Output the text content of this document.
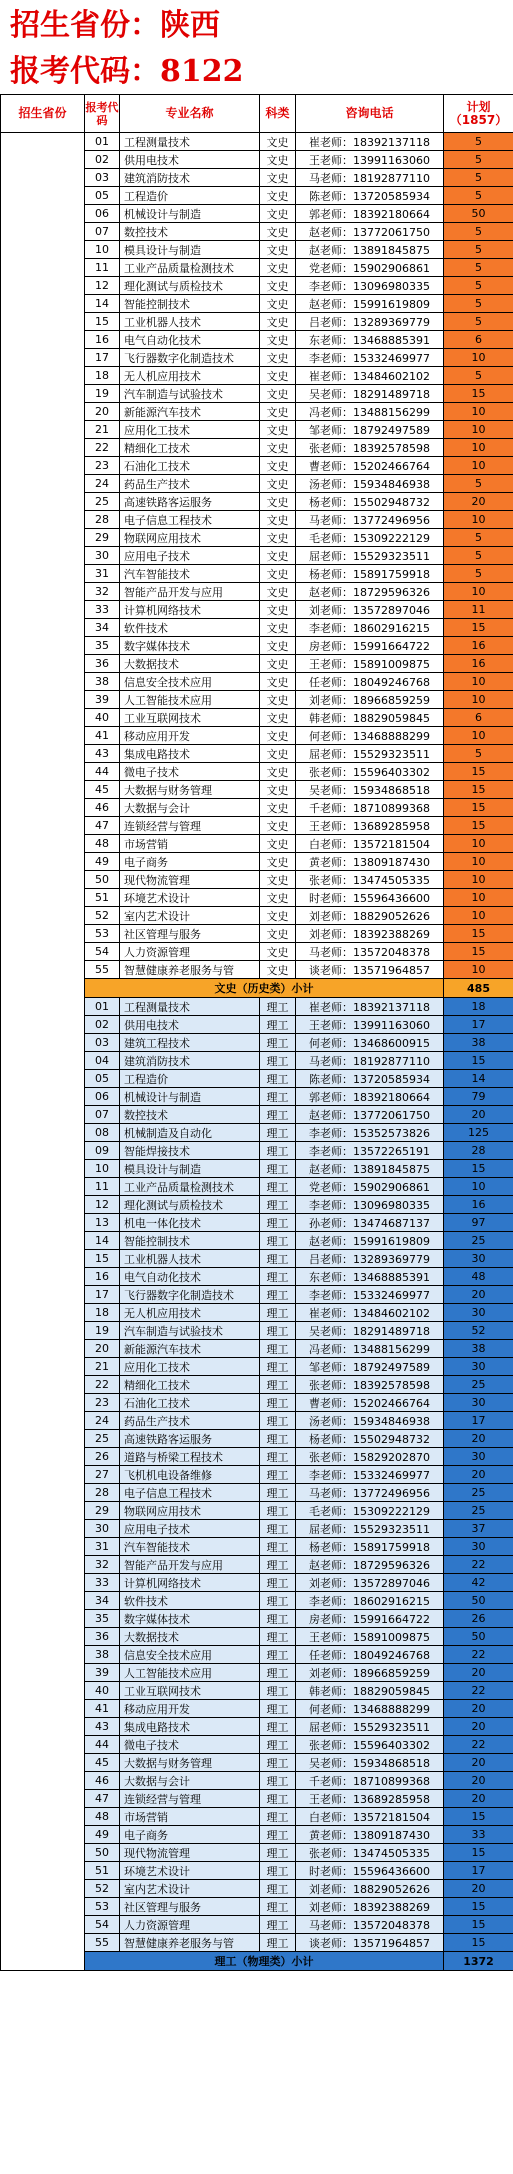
招生省份：陕西
报考代码：8122
招生省份	报考代码	专业名称	科类	咨询电话	计划
（1857）

陕西	01	工程测量技术	文史	崔老师：18392137118	5
	02	供用电技术	文史	王老师：13991163060	5
	03	建筑消防技术	文史	马老师：18192877110	5
	05	工程造价	文史	陈老师：13720585934	5
	06	机械设计与制造	文史	郭老师：18392180664	50
	07	数控技术	文史	赵老师：13772061750	5
	10	模具设计与制造	文史	赵老师：13891845875	5
	11	工业产品质量检测技术	文史	党老师：15902906861	5
	12	理化测试与质检技术	文史	李老师：13096980335	5
	14	智能控制技术	文史	赵老师：15991619809	5
	15	工业机器人技术	文史	吕老师：13289369779	5
	16	电气自动化技术	文史	东老师：13468885391	6
	17	飞行器数字化制造技术	文史	李老师：15332469977	10
	18	无人机应用技术	文史	崔老师：13484602102	5
	19	汽车制造与试验技术	文史	吴老师：18291489718	15
	20	新能源汽车技术	文史	冯老师：13488156299	10
	21	应用化工技术	文史	邹老师：18792497589	10
	22	精细化工技术	文史	张老师：18392578598	10
	23	石油化工技术	文史	曹老师：15202466764	10
	24	药品生产技术	文史	汤老师：15934846938	5
	25	高速铁路客运服务	文史	杨老师：15502948732	20
	28	电子信息工程技术	文史	马老师：13772496956	10
	29	物联网应用技术	文史	毛老师：15309222129	5
	30	应用电子技术	文史	屈老师：15529323511	5
	31	汽车智能技术	文史	杨老师：15891759918	5
	32	智能产品开发与应用	文史	赵老师：18729596326	10
	33	计算机网络技术	文史	刘老师：13572897046	11
	34	软件技术	文史	李老师：18602916215	15
	35	数字媒体技术	文史	房老师：15991664722	16
	36	大数据技术	文史	王老师：15891009875	16
	38	信息安全技术应用	文史	任老师：18049246768	10
	39	人工智能技术应用	文史	刘老师：18966859259	10
	40	工业互联网技术	文史	韩老师：18829059845	6
	41	移动应用开发	文史	何老师：13468888299	10
	43	集成电路技术	文史	屈老师：15529323511	5
	44	微电子技术	文史	张老师：15596403302	15
	45	大数据与财务管理	文史	吴老师：15934868518	15
	46	大数据与会计	文史	千老师：18710899368	15
	47	连锁经营与管理	文史	王老师：13689285958	15
	48	市场营销	文史	白老师：13572181504	10
	49	电子商务	文史	黄老师：13809187430	10
	50	现代物流管理	文史	张老师：13474505335	10
	51	环境艺术设计	文史	时老师：15596436600	10
	52	室内艺术设计	文史	刘老师：18829052626	10
	53	社区管理与服务	文史	刘老师：18392388269	15
	54	人力资源管理	文史	马老师：13572048378	15
	55	智慧健康养老服务与管	文史	谈老师：13571964857	10
	文史（历史类）小计				485
	01	工程测量技术	理工	崔老师：18392137118	18
	02	供用电技术	理工	王老师：13991163060	17
	03	建筑工程技术	理工	何老师：13468600915	38
	04	建筑消防技术	理工	马老师：18192877110	15
	05	工程造价	理工	陈老师：13720585934	14
	06	机械设计与制造	理工	郭老师：18392180664	79
	07	数控技术	理工	赵老师：13772061750	20
	08	机械制造及自动化	理工	李老师：15352573826	125
	09	智能焊接技术	理工	李老师：13572265191	28
	10	模具设计与制造	理工	赵老师：13891845875	15
	11	工业产品质量检测技术	理工	党老师：15902906861	10
	12	理化测试与质检技术	理工	李老师：13096980335	16
	13	机电一体化技术	理工	孙老师：13474687137	97
	14	智能控制技术	理工	赵老师：15991619809	25
	15	工业机器人技术	理工	吕老师：13289369779	30
	16	电气自动化技术	理工	东老师：13468885391	48
	17	飞行器数字化制造技术	理工	李老师：15332469977	20
	18	无人机应用技术	理工	崔老师：13484602102	30
	19	汽车制造与试验技术	理工	吴老师：18291489718	52
	20	新能源汽车技术	理工	冯老师：13488156299	38
	21	应用化工技术	理工	邹老师：18792497589	30
	22	精细化工技术	理工	张老师：18392578598	25
	23	石油化工技术	理工	曹老师：15202466764	30
	24	药品生产技术	理工	汤老师：15934846938	17
	25	高速铁路客运服务	理工	杨老师：15502948732	20
	26	道路与桥梁工程技术	理工	张老师：15829202870	30
	27	飞机机电设备维修	理工	李老师：15332469977	20
	28	电子信息工程技术	理工	马老师：13772496956	25
	29	物联网应用技术	理工	毛老师：15309222129	25
	30	应用电子技术	理工	屈老师：15529323511	37
	31	汽车智能技术	理工	杨老师：15891759918	30
	32	智能产品开发与应用	理工	赵老师：18729596326	22
	33	计算机网络技术	理工	刘老师：13572897046	42
	34	软件技术	理工	李老师：18602916215	50
	35	数字媒体技术	理工	房老师：15991664722	26
	36	大数据技术	理工	王老师：15891009875	50
	38	信息安全技术应用	理工	任老师：18049246768	22
	39	人工智能技术应用	理工	刘老师：18966859259	20
	40	工业互联网技术	理工	韩老师：18829059845	22
	41	移动应用开发	理工	何老师：13468888299	20
	43	集成电路技术	理工	屈老师：15529323511	20
	44	微电子技术	理工	张老师：15596403302	22
	45	大数据与财务管理	理工	吴老师：15934868518	20
	46	大数据与会计	理工	千老师：18710899368	20
	47	连锁经营与管理	理工	王老师：13689285958	20
	48	市场营销	理工	白老师：13572181504	15
	49	电子商务	理工	黄老师：13809187430	33
	50	现代物流管理	理工	张老师：13474505335	15
	51	环境艺术设计	理工	时老师：15596436600	17
	52	室内艺术设计	理工	刘老师：18829052626	20
	53	社区管理与服务	理工	刘老师：18392388269	15
	54	人力资源管理	理工	马老师：13572048378	15
	55	智慧健康养老服务与管	理工	谈老师：13571964857	15
	理工（物理类）小计				1372
